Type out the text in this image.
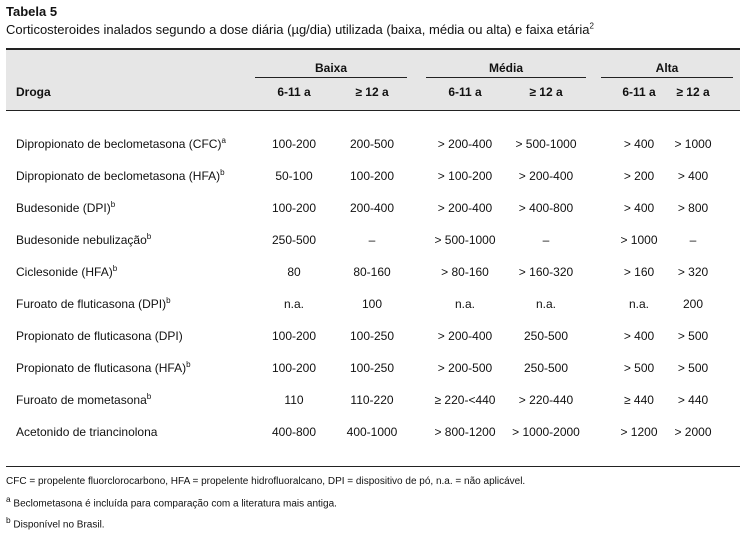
Tabela 5
Corticosteroides inalados segundo a dose diária (µg/dia) utilizada (baixa, média ou alta) e faixa etária$^2$
Baixa	Média	Alta
Droga	6-11 a	≥ 12 a	6-11 a	≥ 12 a	6-11 a	≥ 12 a
Dipropionato de beclometasona (CFC)$^a$	100-200	200-500	> 200-400	> 500-1000	> 400	> 1000
Dipropionato de beclometasona (HFA)$^b$	50-100	100-200	> 100-200	> 200-400	> 200	> 400
Budesonide (DPI)$^b$	100-200	200-400	> 200-400	> 400-800	> 400	> 800
Budesonide nebulização$^b$	250-500	–	> 500-1000	–	> 1000	–
Ciclesonide (HFA)$^b$	80	80-160	> 80-160	> 160-320	> 160	> 320
Furoato de fluticasona (DPI)$^b$	n.a.	100	n.a.	n.a.	n.a.	200
Propionato de fluticasona (DPI)	100-200	100-250	> 200-400	250-500	> 400	> 500
Propionato de fluticasona (HFA)$^b$	100-200	100-250	> 200-500	250-500	> 500	> 500
Furoato de mometasona$^b$	110	110-220	≥ 220-<440	> 220-440	≥ 440	> 440
Acetonido de triancinolona	400-800	400-1000	> 800-1200	> 1000-2000	> 1200	> 2000
CFC = propelente fluorclorocarbono, HFA = propelente hidrofluoralcano, DPI = dispositivo de pó, n.a. = não aplicável.
$^a$ Beclometasona é incluída para comparação com a literatura mais antiga.
$^b$ Disponível no Brasil.
